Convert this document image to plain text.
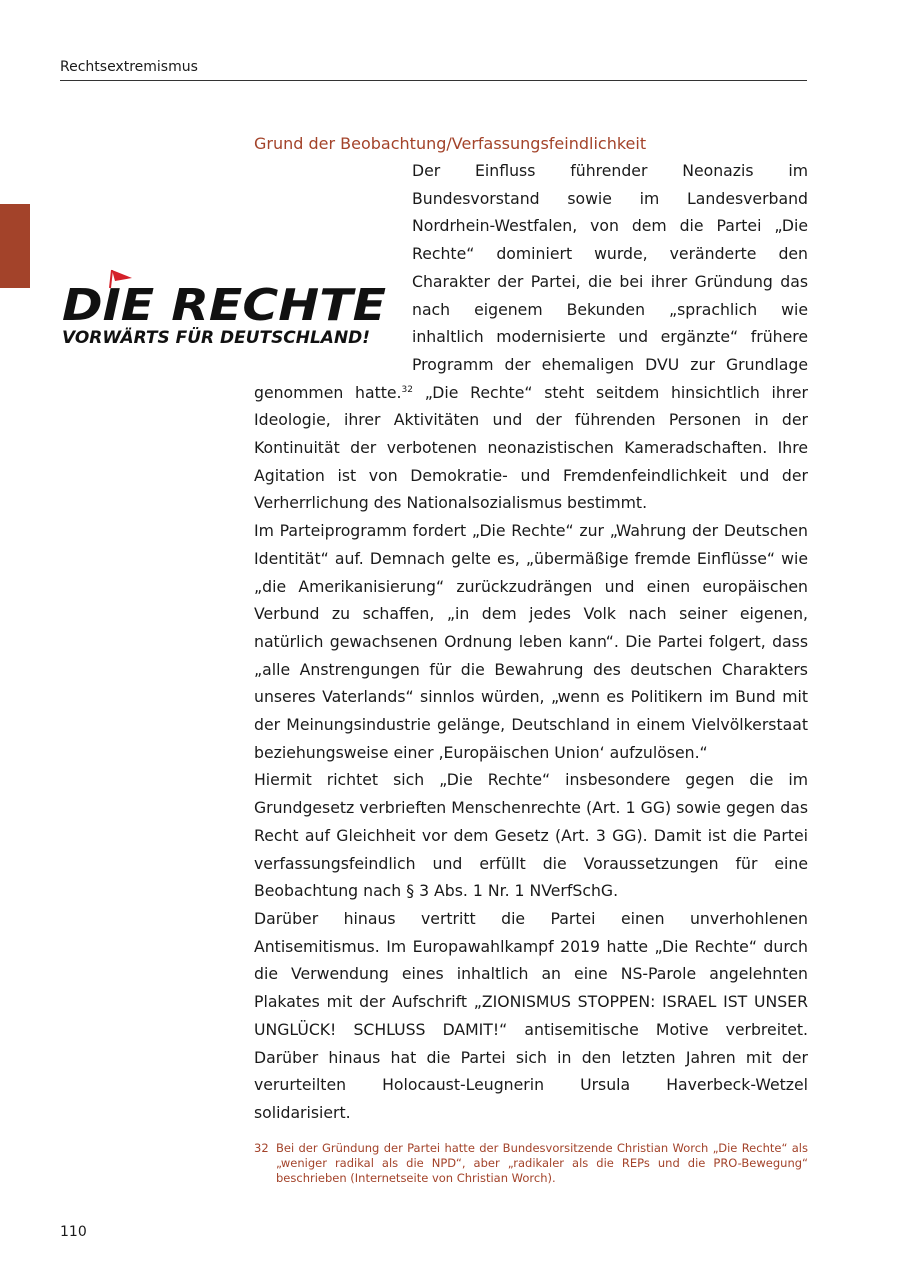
Rechtsextremismus
DIE RECHTE
VORWÄRTS FÜR DEUTSCHLAND!
Grund der Beobachtung/Verfassungsfeindlichkeit

Der Einfluss führender Neonazis im Bundesvorstand sowie im Landesverband Nordrhein-Westfalen, von dem die Partei „Die Rechte“ dominiert wurde, veränderte den Charakter der Partei, die bei ihrer Gründung das nach eigenem Bekunden „sprachlich wie inhaltlich modernisierte und ergänzte“ frühere Programm der ehemaligen DVU zur Grundlage genommen hatte.$^{32}$ „Die Rechte“ steht seitdem hinsichtlich ihrer Ideologie, ihrer Aktivitäten und der führenden Personen in der Kontinuität der verbotenen neonazistischen Kameradschaften. Ihre Agitation ist von Demokratie- und Fremdenfeindlichkeit und der Verherrlichung des Nationalsozialismus bestimmt.

Im Parteiprogramm fordert „Die Rechte“ zur „Wahrung der Deutschen Identität“ auf. Demnach gelte es, „übermäßige fremde Einflüsse“ wie „die Amerikanisierung“ zurückzudrängen und einen europäischen Verbund zu schaffen, „in dem jedes Volk nach seiner eigenen, natürlich gewachsenen Ordnung leben kann“. Die Partei folgert, dass „alle Anstrengungen für die Bewahrung des deutschen Charakters unseres Vaterlands“ sinnlos würden, „wenn es Politikern im Bund mit der Meinungsindustrie gelänge, Deutschland in einem Vielvölkerstaat beziehungsweise einer ‚Europäischen Union‘ aufzulösen.“

Hiermit richtet sich „Die Rechte“ insbesondere gegen die im Grundgesetz verbrieften Menschenrechte (Art. 1 GG) sowie gegen das Recht auf Gleichheit vor dem Gesetz (Art. 3 GG). Damit ist die Partei verfassungsfeindlich und erfüllt die Voraussetzungen für eine Beobachtung nach § 3 Abs. 1 Nr. 1 NVerfSchG.

Darüber hinaus vertritt die Partei einen unverhohlenen Antisemitismus. Im Europawahlkampf 2019 hatte „Die Rechte“ durch die Verwendung eines inhaltlich an eine NS-Parole angelehnten Plakates mit der Aufschrift „ZIONISMUS STOPPEN: ISRAEL IST UNSER UNGLÜCK! SCHLUSS DAMIT!“ antisemitische Motive verbreitet. Darüber hinaus hat die Partei sich in den letzten Jahren mit der verurteilten Holocaust-Leugnerin Ursula Haverbeck-Wetzel solidarisiert.

32 Bei der Gründung der Partei hatte der Bundesvorsitzende Christian Worch „Die Rechte“ als „weniger radikal als die NPD“, aber „radikaler als die REPs und die PRO-Bewegung“ beschrieben (Internetseite von Christian Worch).
110
